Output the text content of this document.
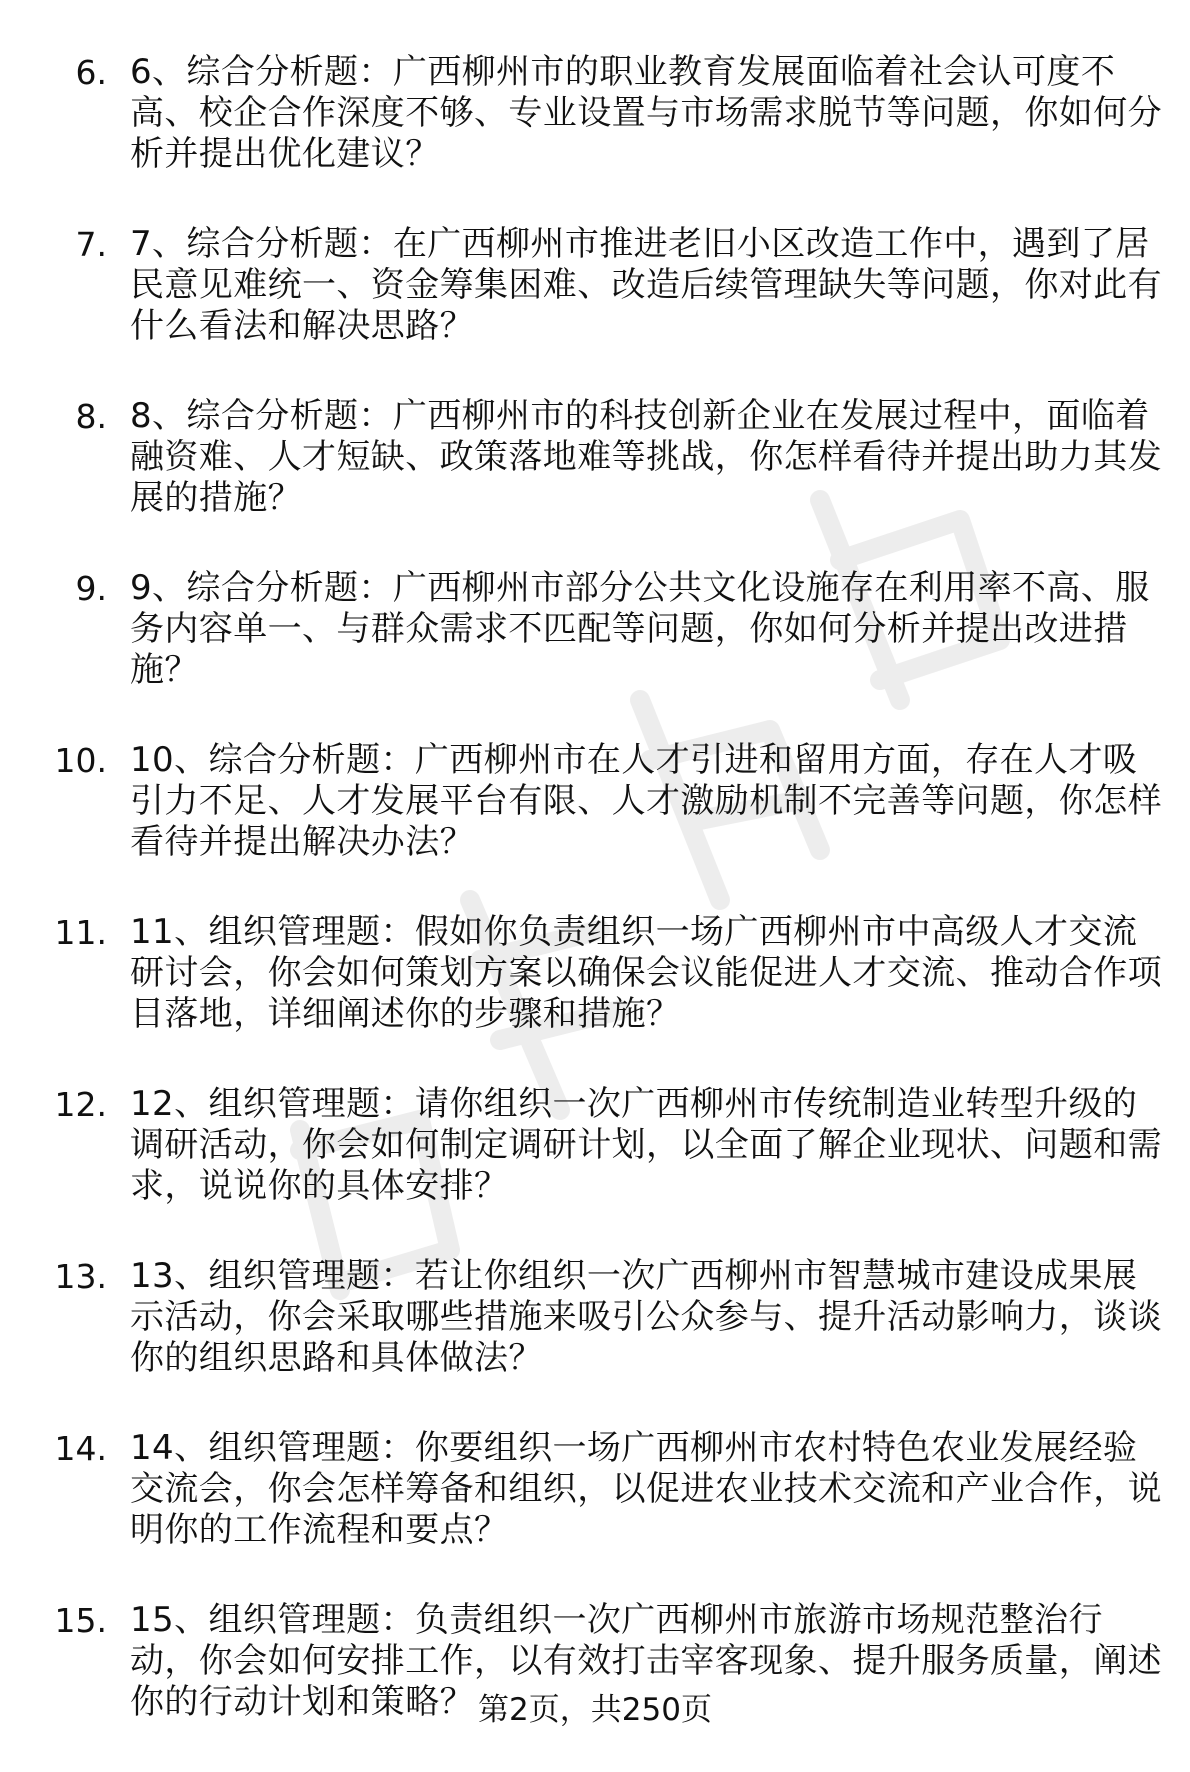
6. 6、综合分析题：广西柳州市的职业教育发展面临着社会认可度不高、校企合作深度不够、专业设置与市场需求脱节等问题，你如何分析并提出优化建议？
7. 7、综合分析题：在广西柳州市推进老旧小区改造工作中，遇到了居民意见难统一、资金筹集困难、改造后续管理缺失等问题，你对此有什么看法和解决思路？
8. 8、综合分析题：广西柳州市的科技创新企业在发展过程中，面临着融资难、人才短缺、政策落地难等挑战，你怎样看待并提出助力其发展的措施？
9. 9、综合分析题：广西柳州市部分公共文化设施存在利用率不高、服务内容单一、与群众需求不匹配等问题，你如何分析并提出改进措施？
10. 10、综合分析题：广西柳州市在人才引进和留用方面，存在人才吸引力不足、人才发展平台有限、人才激励机制不完善等问题，你怎样看待并提出解决办法？
11. 11、组织管理题：假如你负责组织一场广西柳州市中高级人才交流研讨会，你会如何策划方案以确保会议能促进人才交流、推动合作项目落地，详细阐述你的步骤和措施？
12. 12、组织管理题：请你组织一次广西柳州市传统制造业转型升级的调研活动，你会如何制定调研计划，以全面了解企业现状、问题和需求，说说你的具体安排？
13. 13、组织管理题：若让你组织一次广西柳州市智慧城市建设成果展示活动，你会采取哪些措施来吸引公众参与、提升活动影响力，谈谈你的组织思路和具体做法？
14. 14、组织管理题：你要组织一场广西柳州市农村特色农业发展经验交流会，你会怎样筹备和组织，以促进农业技术交流和产业合作，说明你的工作流程和要点？
15. 15、组织管理题：负责组织一次广西柳州市旅游市场规范整治行动，你会如何安排工作，以有效打击宰客现象、提升服务质量，阐述你的行动计划和策略？ 第2页，共250页
